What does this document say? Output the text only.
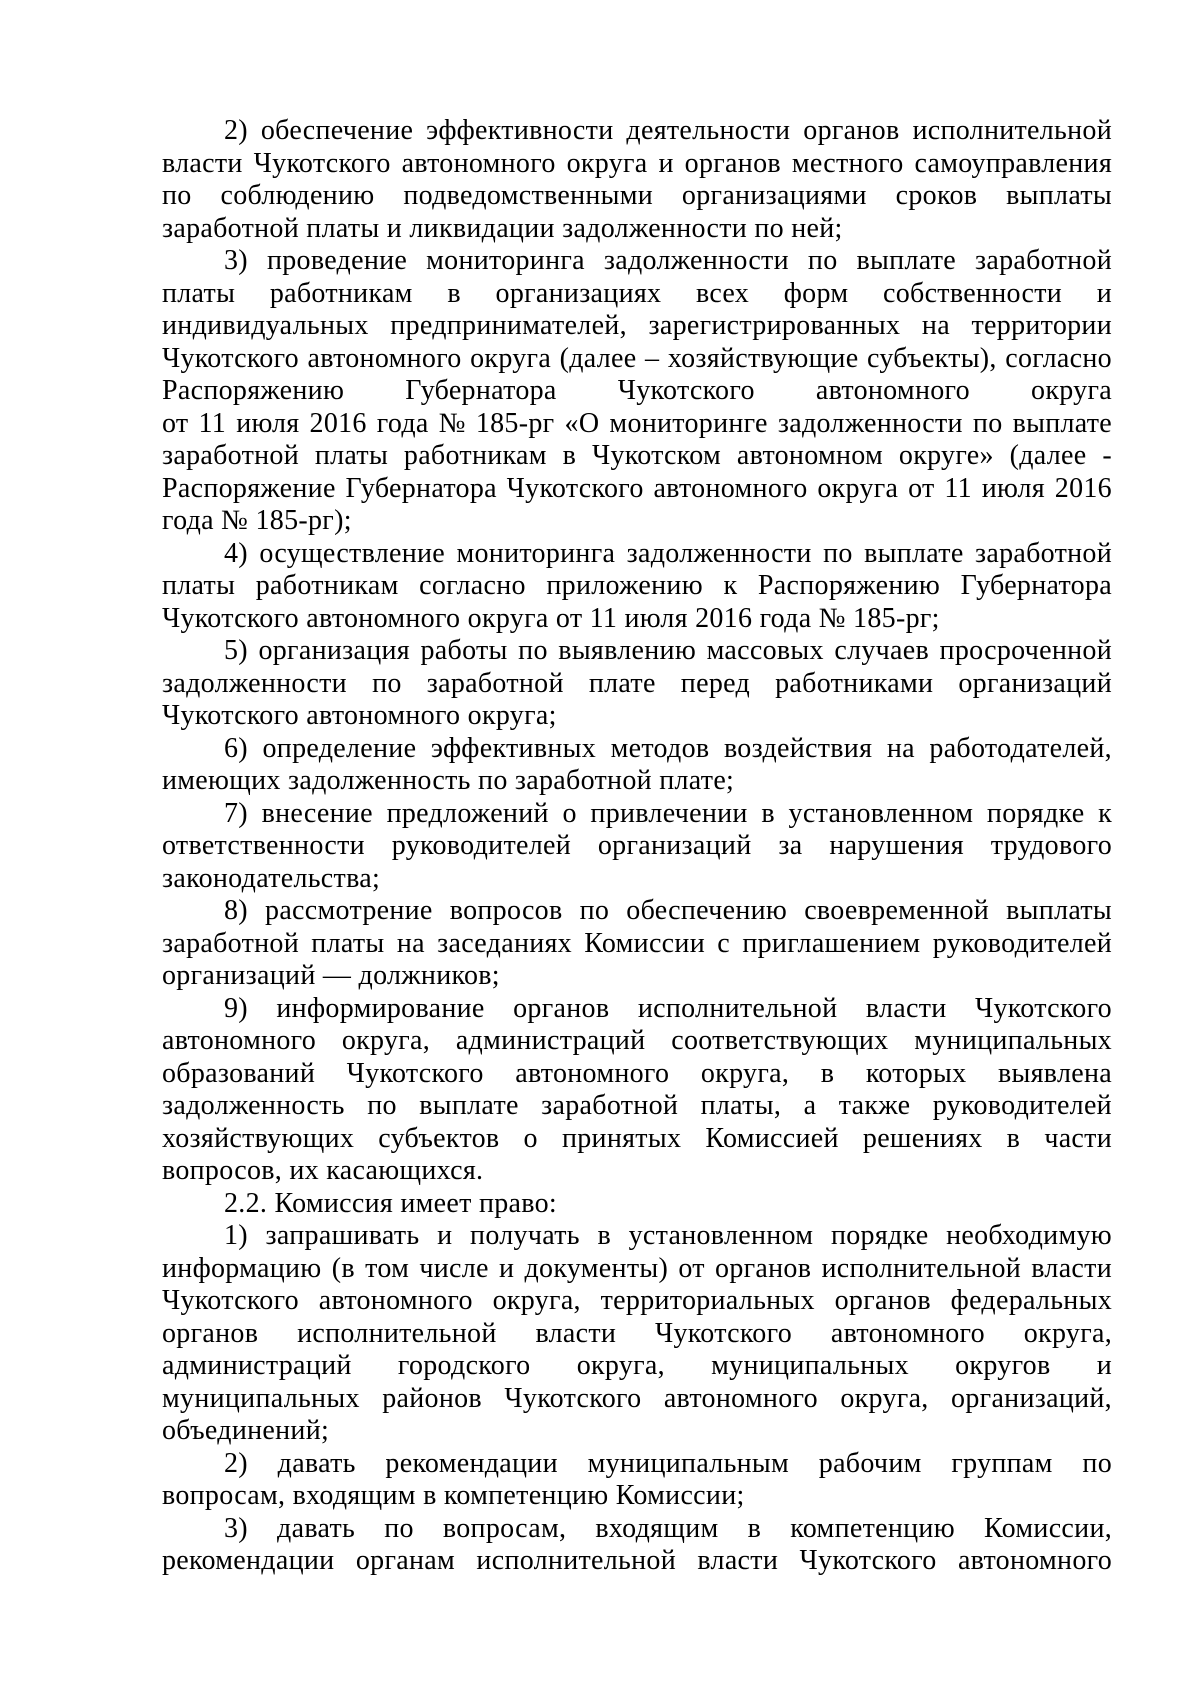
2) обеспечение эффективности деятельности органов исполнительной
власти Чукотского автономного округа и органов местного самоуправления
по соблюдению подведомственными организациями сроков выплаты
заработной платы и ликвидации задолженности по ней;

3) проведение мониторинга задолженности по выплате заработной
платы работникам в организациях всех форм собственности и
индивидуальных предпринимателей, зарегистрированных на территории
Чукотского автономного округа (далее – хозяйствующие субъекты), согласно
Распоряжению Губернатора Чукотского автономного округа
от 11 июля 2016 года № 185-рг «О мониторинге задолженности по выплате
заработной платы работникам в Чукотском автономном округе» (далее -
Распоряжение Губернатора Чукотского автономного округа от 11 июля 2016
года № 185-рг);

4) осуществление мониторинга задолженности по выплате заработной
платы работникам согласно приложению к Распоряжению Губернатора
Чукотского автономного округа от 11 июля 2016 года № 185-рг;

5) организация работы по выявлению массовых случаев просроченной
задолженности по заработной плате перед работниками организаций
Чукотского автономного округа;

6) определение эффективных методов воздействия на работодателей,
имеющих задолженность по заработной плате;

7) внесение предложений о привлечении в установленном порядке к
ответственности руководителей организаций за нарушения трудового
законодательства;

8) рассмотрение вопросов по обеспечению своевременной выплаты
заработной платы на заседаниях Комиссии с приглашением руководителей
организаций — должников;

9) информирование органов исполнительной власти Чукотского
автономного округа, администраций соответствующих муниципальных
образований Чукотского автономного округа, в которых выявлена
задолженность по выплате заработной платы, а также руководителей
хозяйствующих субъектов о принятых Комиссией решениях в части
вопросов, их касающихся.

2.2. Комиссия имеет право:

1) запрашивать и получать в установленном порядке необходимую
информацию (в том числе и документы) от органов исполнительной власти
Чукотского автономного округа, территориальных органов федеральных
органов исполнительной власти Чукотского автономного округа,
администраций городского округа, муниципальных округов и
муниципальных районов Чукотского автономного округа, организаций,
объединений;

2) давать рекомендации муниципальным рабочим группам по
вопросам, входящим в компетенцию Комиссии;

3) давать по вопросам, входящим в компетенцию Комиссии,
рекомендации органам исполнительной власти Чукотского автономного
